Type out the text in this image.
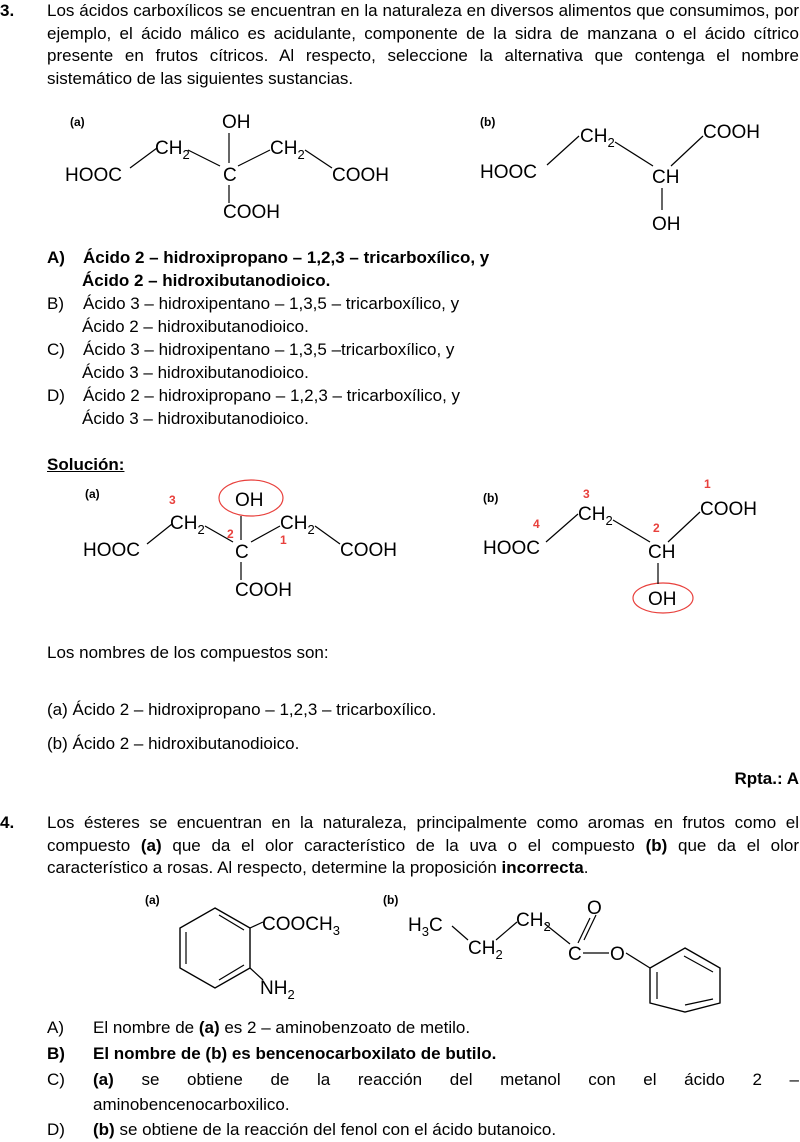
3. Los ácidos carboxílicos se encuentran en la naturaleza en diversos alimentos que consumimos, por ejemplo, el ácido málico es acidulante, componente de la sidra de manzana o el ácido cítrico presente en frutos cítricos. Al respecto, seleccione la alternativa que contenga el nombre sistemático de las siguientes sustancias.
(a)	OH
$CH_2$	$CH_2$
HOOC	C	COOH
COOH
(b)
$CH_2$	COOH
HOOC	CH
OH
A) Ácido 2 – hidroxipropano – 1,2,3 – tricarboxílico, y
Ácido 2 – hidroxibutanodioico.
B) Ácido 3 – hidroxipentano – 1,3,5 – tricarboxílico, y
Ácido 2 – hidroxibutanodioico.
C) Ácido 3 – hidroxipentano – 1,3,5 –tricarboxílico, y
Ácido 3 – hidroxibutanodioico.
D) Ácido 2 – hidroxipropano – 1,2,3 – tricarboxílico, y
Ácido 3 – hidroxibutanodioico.
Solución:
(a)	3
2	1
OH
$CH_2$	$CH_2$
HOOC	C	COOH
COOH
(b)
1
3
4	2
$CH_2$
COOH
HOOC	CH
OH
Los nombres de los compuestos son:
(a) Ácido 2 – hidroxipropano – 1,2,3 – tricarboxílico.
(b) Ácido 2 – hidroxibutanodioico.
Rpta.: A
4. Los ésteres se encuentran en la naturaleza, principalmente como aromas en frutos como el compuesto (a) que da el olor característico de la uva o el compuesto (b) que da el olor característico a rosas. Al respecto, determine la proposición incorrecta.
(a)
$COOCH_3$
$NH_2$
(b)
$H_3C$
$CH_2$
$CH_2$
O
C O
A) El nombre de (a) es 2 – aminobenzoato de metilo.
B) El nombre de (b) es bencenocarboxilato de butilo.
C)	(a) se obtiene de la reacción del metanol con el ácido 2 –
aminobencenocarboxilico.
D) (b) se obtiene de la reacción del fenol con el ácido butanoico.
